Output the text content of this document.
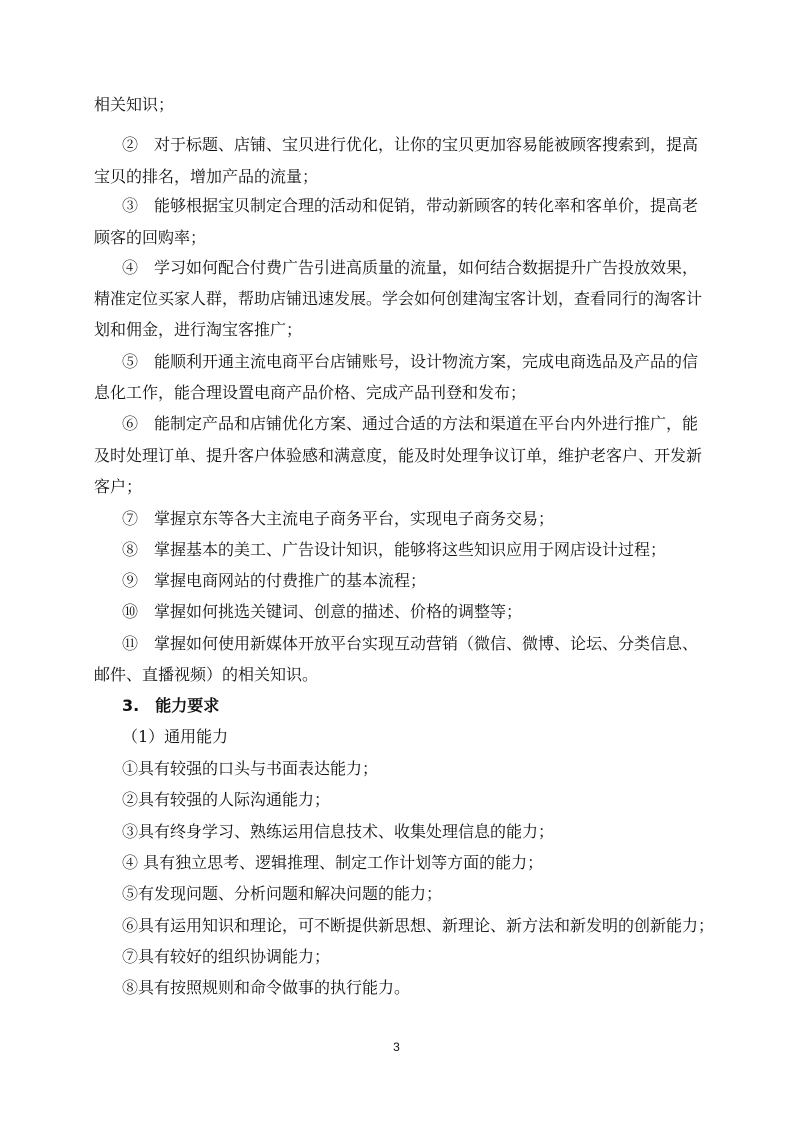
相关知识；
②　对于标题、店铺、宝贝进行优化，让你的宝贝更加容易能被顾客搜索到，提高
宝贝的排名，增加产品的流量；
③　能够根据宝贝制定合理的活动和促销，带动新顾客的转化率和客单价，提高老
顾客的回购率；
④　学习如何配合付费广告引进高质量的流量，如何结合数据提升广告投放效果，
精准定位买家人群，帮助店铺迅速发展。学会如何创建淘宝客计划，查看同行的淘客计
划和佣金，进行淘宝客推广；
⑤　能顺利开通主流电商平台店铺账号，设计物流方案，完成电商选品及产品的信
息化工作，能合理设置电商产品价格、完成产品刊登和发布；
⑥　能制定产品和店铺优化方案、通过合适的方法和渠道在平台内外进行推广，能
及时处理订单、提升客户体验感和满意度，能及时处理争议订单，维护老客户、开发新
客户；
⑦　掌握京东等各大主流电子商务平台，实现电子商务交易；
⑧　掌握基本的美工、广告设计知识，能够将这些知识应用于网店设计过程；
⑨　掌握电商网站的付费推广的基本流程；
⑩　掌握如何挑选关键词、创意的描述、价格的调整等；
⑪　掌握如何使用新媒体开放平台实现互动营销（微信、微博、论坛、分类信息、
邮件、直播视频）的相关知识。
3.　能力要求
（1）通用能力
①具有较强的口头与书面表达能力；
②具有较强的人际沟通能力；
③具有终身学习、熟练运用信息技术、收集处理信息的能力；
④ 具有独立思考、逻辑推理、制定工作计划等方面的能力；
⑤有发现问题、分析问题和解决问题的能力；
⑥具有运用知识和理论，可不断提供新思想、新理论、新方法和新发明的创新能力；
⑦具有较好的组织协调能力；
⑧具有按照规则和命令做事的执行能力。
3
